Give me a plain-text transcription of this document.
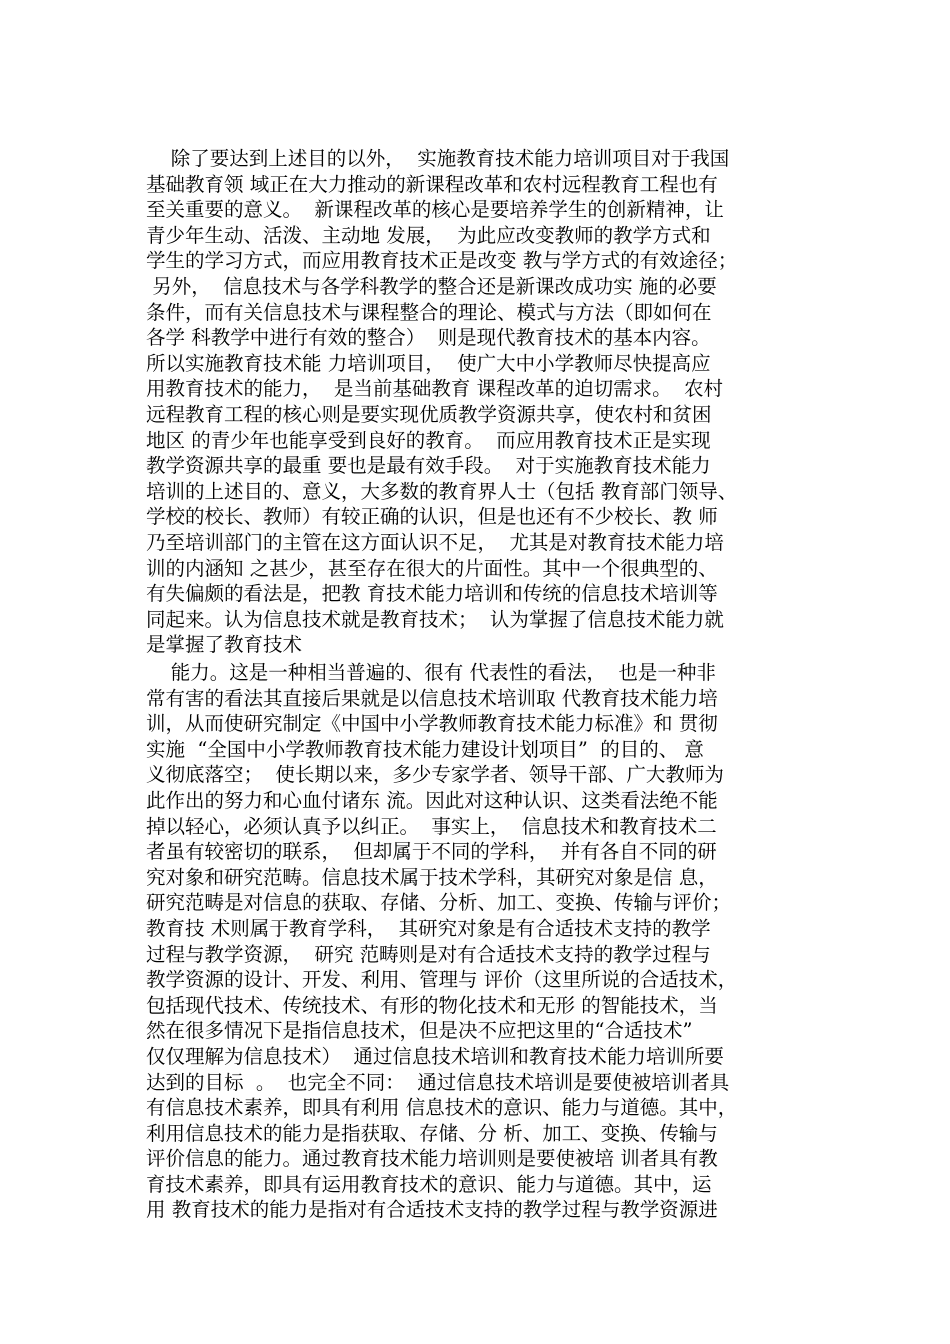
除了要达到上述目的以外，  实施教育技术能力培训项目对于我国
基础教育领 域正在大力推动的新课程改革和农村远程教育工程也有
至关重要的意义。  新课程改革的核心是要培养学生的创新精神，让
青少年生动、活泼、主动地 发展，  为此应改变教师的教学方式和
学生的学习方式，而应用教育技术正是改变 教与学方式的有效途径；
另外，  信息技术与各学科教学的整合还是新课改成功实 施的必要
条件，而有关信息技术与课程整合的理论、模式与方法（即如何在
各学 科教学中进行有效的整合）  则是现代教育技术的基本内容。
所以实施教育技术能 力培训项目，  使广大中小学教师尽快提高应
用教育技术的能力，  是当前基础教育 课程改革的迫切需求。  农村
远程教育工程的核心则是要实现优质教学资源共享，使农村和贫困
地区 的青少年也能享受到良好的教育。  而应用教育技术正是实现
教学资源共享的最重 要也是最有效手段。  对于实施教育技术能力
培训的上述目的、意义，大多数的教育界人士（包括 教育部门领导、
学校的校长、教师）有较正确的认识，但是也还有不少校长、教 师
乃至培训部门的主管在这方面认识不足，  尤其是对教育技术能力培
训的内涵知 之甚少，甚至存在很大的片面性。其中一个很典型的、
有失偏颇的看法是，把教 育技术能力培训和传统的信息技术培训等
同起来。认为信息技术就是教育技术；  认为掌握了信息技术能力就
是掌握了教育技术
能力。这是一种相当普遍的、很有 代表性的看法，  也是一种非
常有害的看法其直接后果就是以信息技术培训取 代教育技术能力培
训，从而使研究制定《中国中小学教师教育技术能力标准》和 贯彻
实施  “全国中小学教师教育技术能力建设计划项目”  的目的、 意
义彻底落空；  使长期以来，多少专家学者、领导干部、广大教师为
此作出的努力和心血付诸东 流。因此对这种认识、这类看法绝不能
掉以轻心，必须认真予以纠正。  事实上，  信息技术和教育技术二
者虽有较密切的联系，  但却属于不同的学科，  并有各自不同的研
究对象和研究范畴。信息技术属于技术学科，其研究对象是信 息，
研究范畴是对信息的获取、存储、分析、加工、变换、传输与评价；
教育技 术则属于教育学科，  其研究对象是有合适技术支持的教学
过程与教学资源，  研究 范畴则是对有合适技术支持的教学过程与
教学资源的设计、开发、利用、管理与 评价（这里所说的合适技术，
包括现代技术、传统技术、有形的物化技术和无形 的智能技术，当
然在很多情况下是指信息技术，但是决不应把这里的“合适技术”
仅仅理解为信息技术）  通过信息技术培训和教育技术能力培训所要
达到的目标  。  也完全不同：  通过信息技术培训是要使被培训者具
有信息技术素养，即具有利用 信息技术的意识、能力与道德。其中，
利用信息技术的能力是指获取、存储、分 析、加工、变换、传输与
评价信息的能力。通过教育技术能力培训则是要使被培 训者具有教
育技术素养，即具有运用教育技术的意识、能力与道德。其中，运
用 教育技术的能力是指对有合适技术支持的教学过程与教学资源进
